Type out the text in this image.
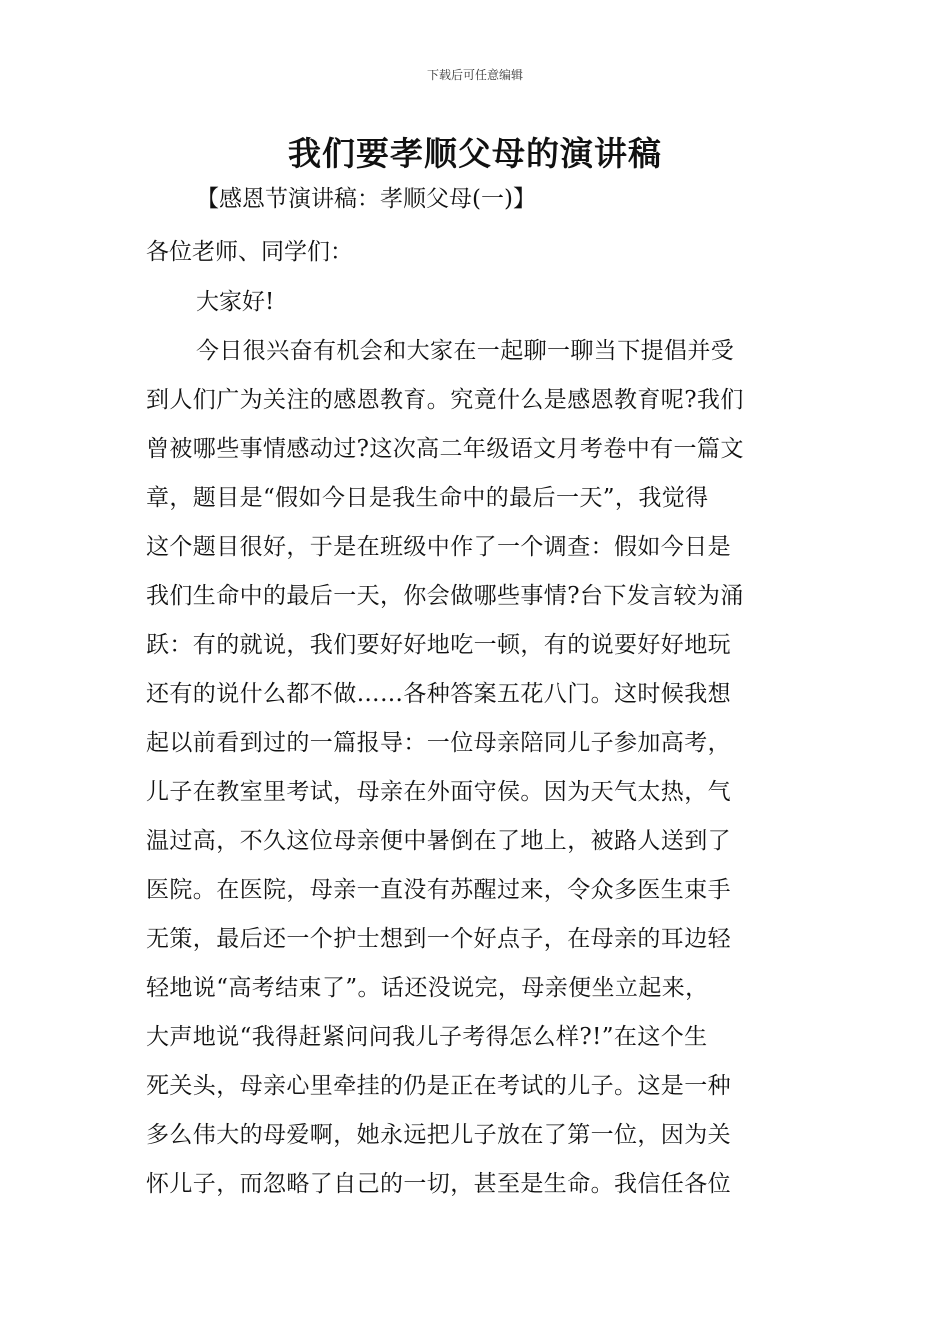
下载后可任意编辑
我们要孝顺父母的演讲稿
【感恩节演讲稿：孝顺父母(一)】
各位老师、同学们：
大家好!
今日很兴奋有机会和大家在一起聊一聊当下提倡并受
到人们广为关注的感恩教育。究竟什么是感恩教育呢?我们
曾被哪些事情感动过?这次高二年级语文月考卷中有一篇文
章，题目是“假如今日是我生命中的最后一天”，我觉得
这个题目很好，于是在班级中作了一个调查：假如今日是
我们生命中的最后一天，你会做哪些事情?台下发言较为涌
跃：有的就说，我们要好好地吃一顿，有的说要好好地玩
还有的说什么都不做……各种答案五花八门。这时候我想
起以前看到过的一篇报导：一位母亲陪同儿子参加高考，
儿子在教室里考试，母亲在外面守侯。因为天气太热，气
温过高，不久这位母亲便中暑倒在了地上，被路人送到了
医院。在医院，母亲一直没有苏醒过来，令众多医生束手
无策，最后还一个护士想到一个好点子，在母亲的耳边轻
轻地说“高考结束了”。话还没说完，母亲便坐立起来，
大声地说“我得赶紧问问我儿子考得怎么样?!”在这个生
死关头，母亲心里牵挂的仍是正在考试的儿子。这是一种
多么伟大的母爱啊，她永远把儿子放在了第一位，因为关
怀儿子，而忽略了自己的一切，甚至是生命。我信任各位
